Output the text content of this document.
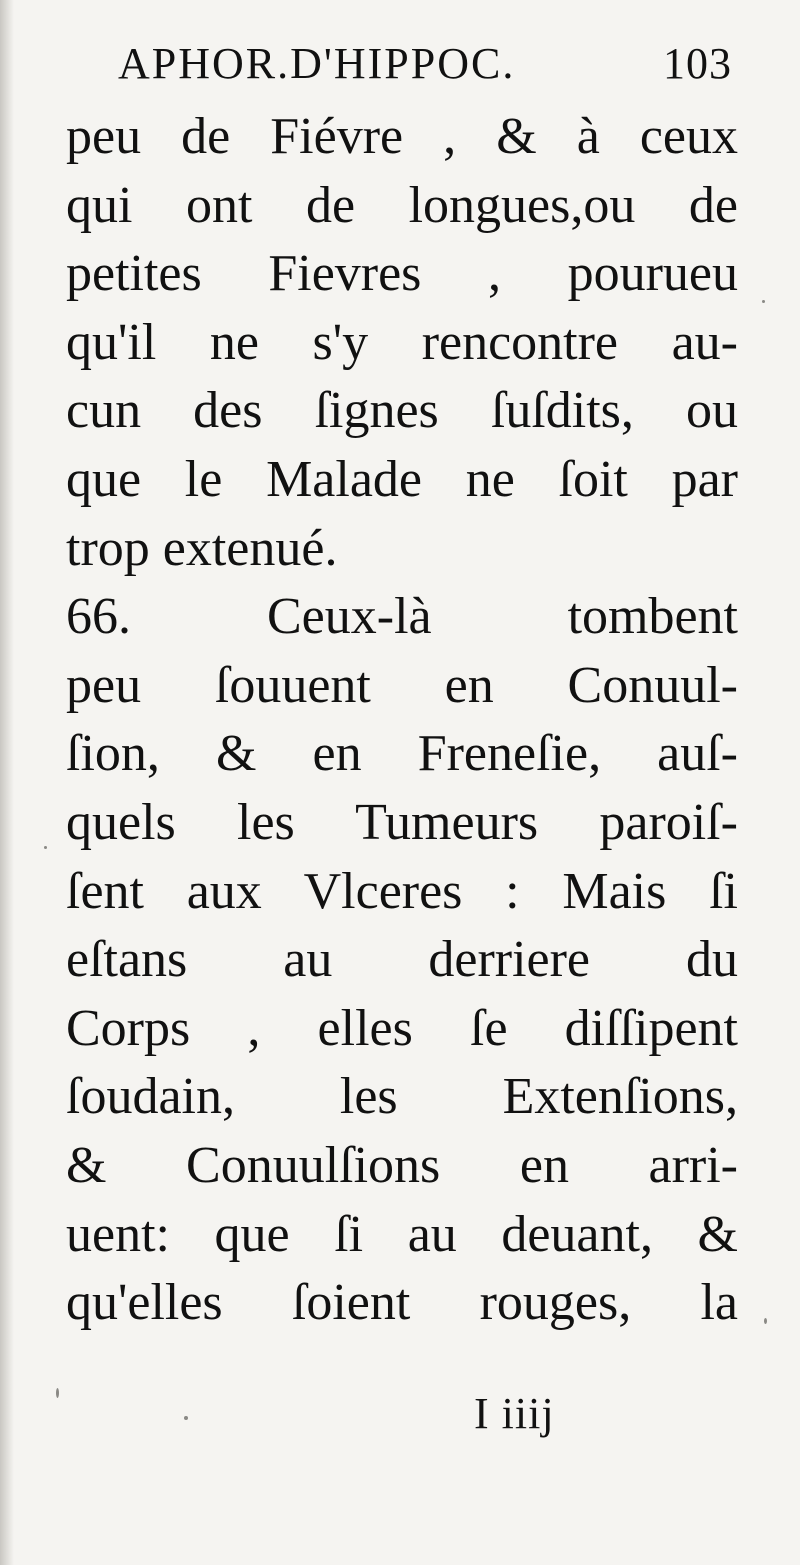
APHOR.D'HIPPOC.	103
peu de Fiévre , & à ceux
qui ont de longues,ou de
petites Fievres , pourueu
qu'il ne s'y rencontre au-
cun des ſignes ſuſdits, ou
que le Malade ne ſoit par
trop extenué.
66. Ceux-là tombent
peu ſouuent en Conuul-
ſion, & en Freneſie, auſ-
quels les Tumeurs paroiſ-
ſent aux Vlceres : Mais ſi
eſtans au derriere du
Corps , elles ſe diſſipent
ſoudain, les Extenſions,
& Conuulſions en arri-
uent: que ſi au deuant, &
qu'elles ſoient rouges, la
I iiij
